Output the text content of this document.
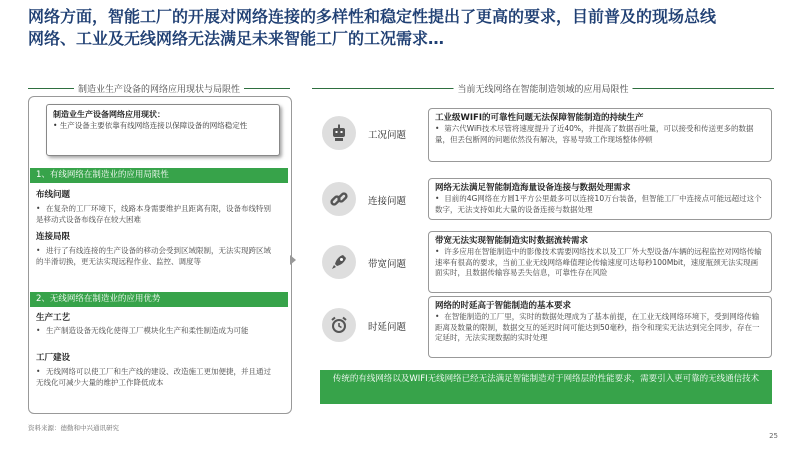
网络方面，智能工厂的开展对网络连接的多样性和稳定性提出了更高的要求，目前普及的现场总线
网络、工业及无线网络无法满足未来智能工厂的工况需求…
制造业生产设备的网络应用现状与局限性	当前无线网络在智能制造领域的应用局限性
制造业生产设备网络应用现状：
• 生产设备主要依靠有线网络连接以保障设备的网络稳定性
1、有线网络在制造业的应用局限性
布线问题
• 在复杂的工厂环境下，线路本身需要维护且距离有限，设备布线特别是移动式设备布线存在较大困难
连接局限
• 进行了有线连接的生产设备的移动会受到区域限制，无法实现跨区域的半滑切换，更无法实现远程作业、监控、调度等
2、无线网络在制造业的应用优势
生产工艺
• 生产制造设备无线化使得工厂模块化生产和柔性制造成为可能
工厂建设
• 无线网络可以使工厂和生产线的建设、改造施工更加便捷，并且通过无线化可减少大量的维护工作降低成本
工况问题
工业级WIFI的可靠性问题无法保障智能制造的持续生产
•  第六代WiFi技术尽管将速度提升了近40%，并提高了数据吞吐量，可以接受和传送更多的数据量，但丢包断网的问题依然没有解决，容易导致工作现场整体停顿
连接问题
网络无法满足智能制造海量设备连接与数据处理需求
•  目前的4G网络在方圆1平方公里最多可以连接10万台装备，但智能工厂中连接点可能远超过这个数字，无法支持如此大量的设备连接与数据处理
带宽问题
带宽无法实现智能制造实时数据流转需求
•  许多应用在智能制造中的影像技术需要网络技术以及工厂外大型设备/车辆的远程监控对网络传输速率有很高的要求，当前工业无线网络峰值理论传输速度可达每秒100Mbit，速度瓶颈无法实现画面实时，且数据传输容易丢失信息，可靠性存在风险
时延问题
网络的时延高于智能制造的基本要求
•  在智能制造的工厂里，实时的数据处理成为了基本前提，在工业无线网络环境下，受到网络传输距离及数量的限制，数据交互的延迟时间可能达到50毫秒，指令和现实无法达到完全同步，存在一定延时，无法实现数据的实时处理
传统的有线网络以及WIFI无线网络已经无法满足智能制造对于网络层的性能要求，需要引入更可靠的无线通信技术
资料来源：德勤和中兴通讯研究
25
